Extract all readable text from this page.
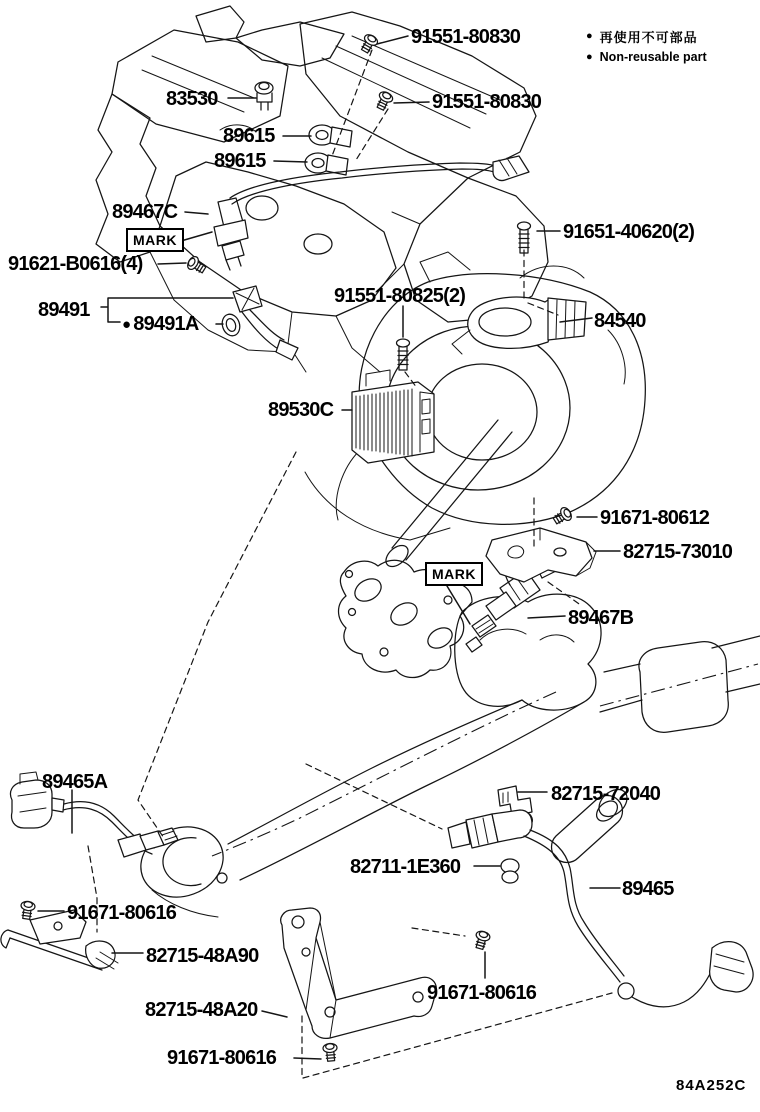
91551-80830
91551-80830
83530
89615
89615
89467C
91621-B0616(4)
89491
● 89491A
91551-80825(2)
84540
89530C
91651-40620(2)
91671-80612
82715-73010
89467B
89465A
91671-80616
82715-48A90
82715-48A20
91671-80616
91671-80616
82715-72040
82711-1E360
89465
MARK
MARK
● 再使用不可部品
● Non-reusable part
84A252C
